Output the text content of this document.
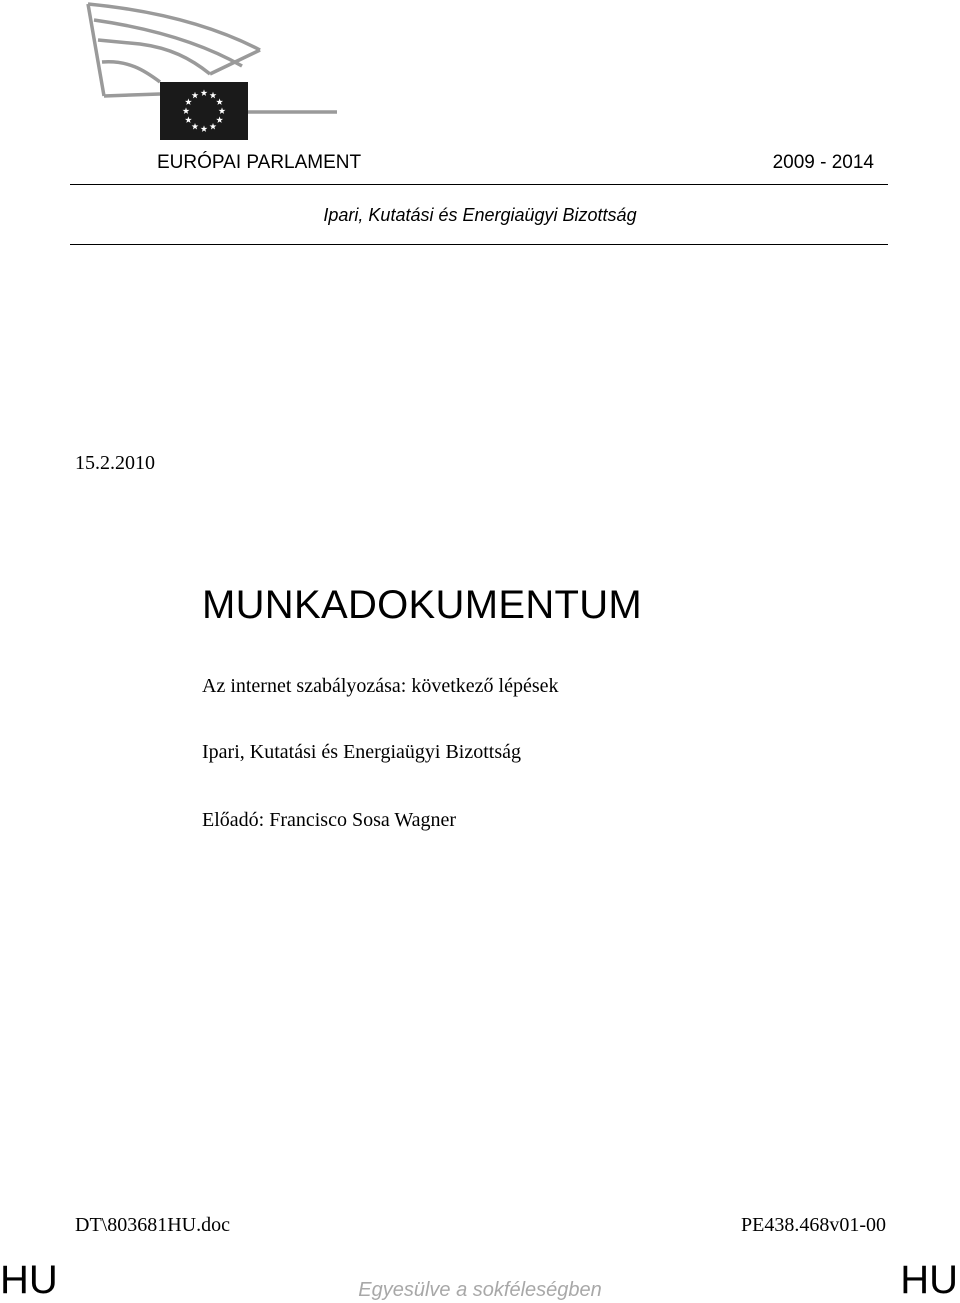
EURÓPAI PARLAMENT	2009 - 2014
Ipari, Kutatási és Energiaügyi Bizottság
15.2.2010
MUNKADOKUMENTUM
Az internet szabályozása: következő lépések
Ipari, Kutatási és Energiaügyi Bizottság
Előadó: Francisco Sosa Wagner
DT\803681HU.doc	PE438.468v01-00
HU	HU
Egyesülve a sokféleségben
